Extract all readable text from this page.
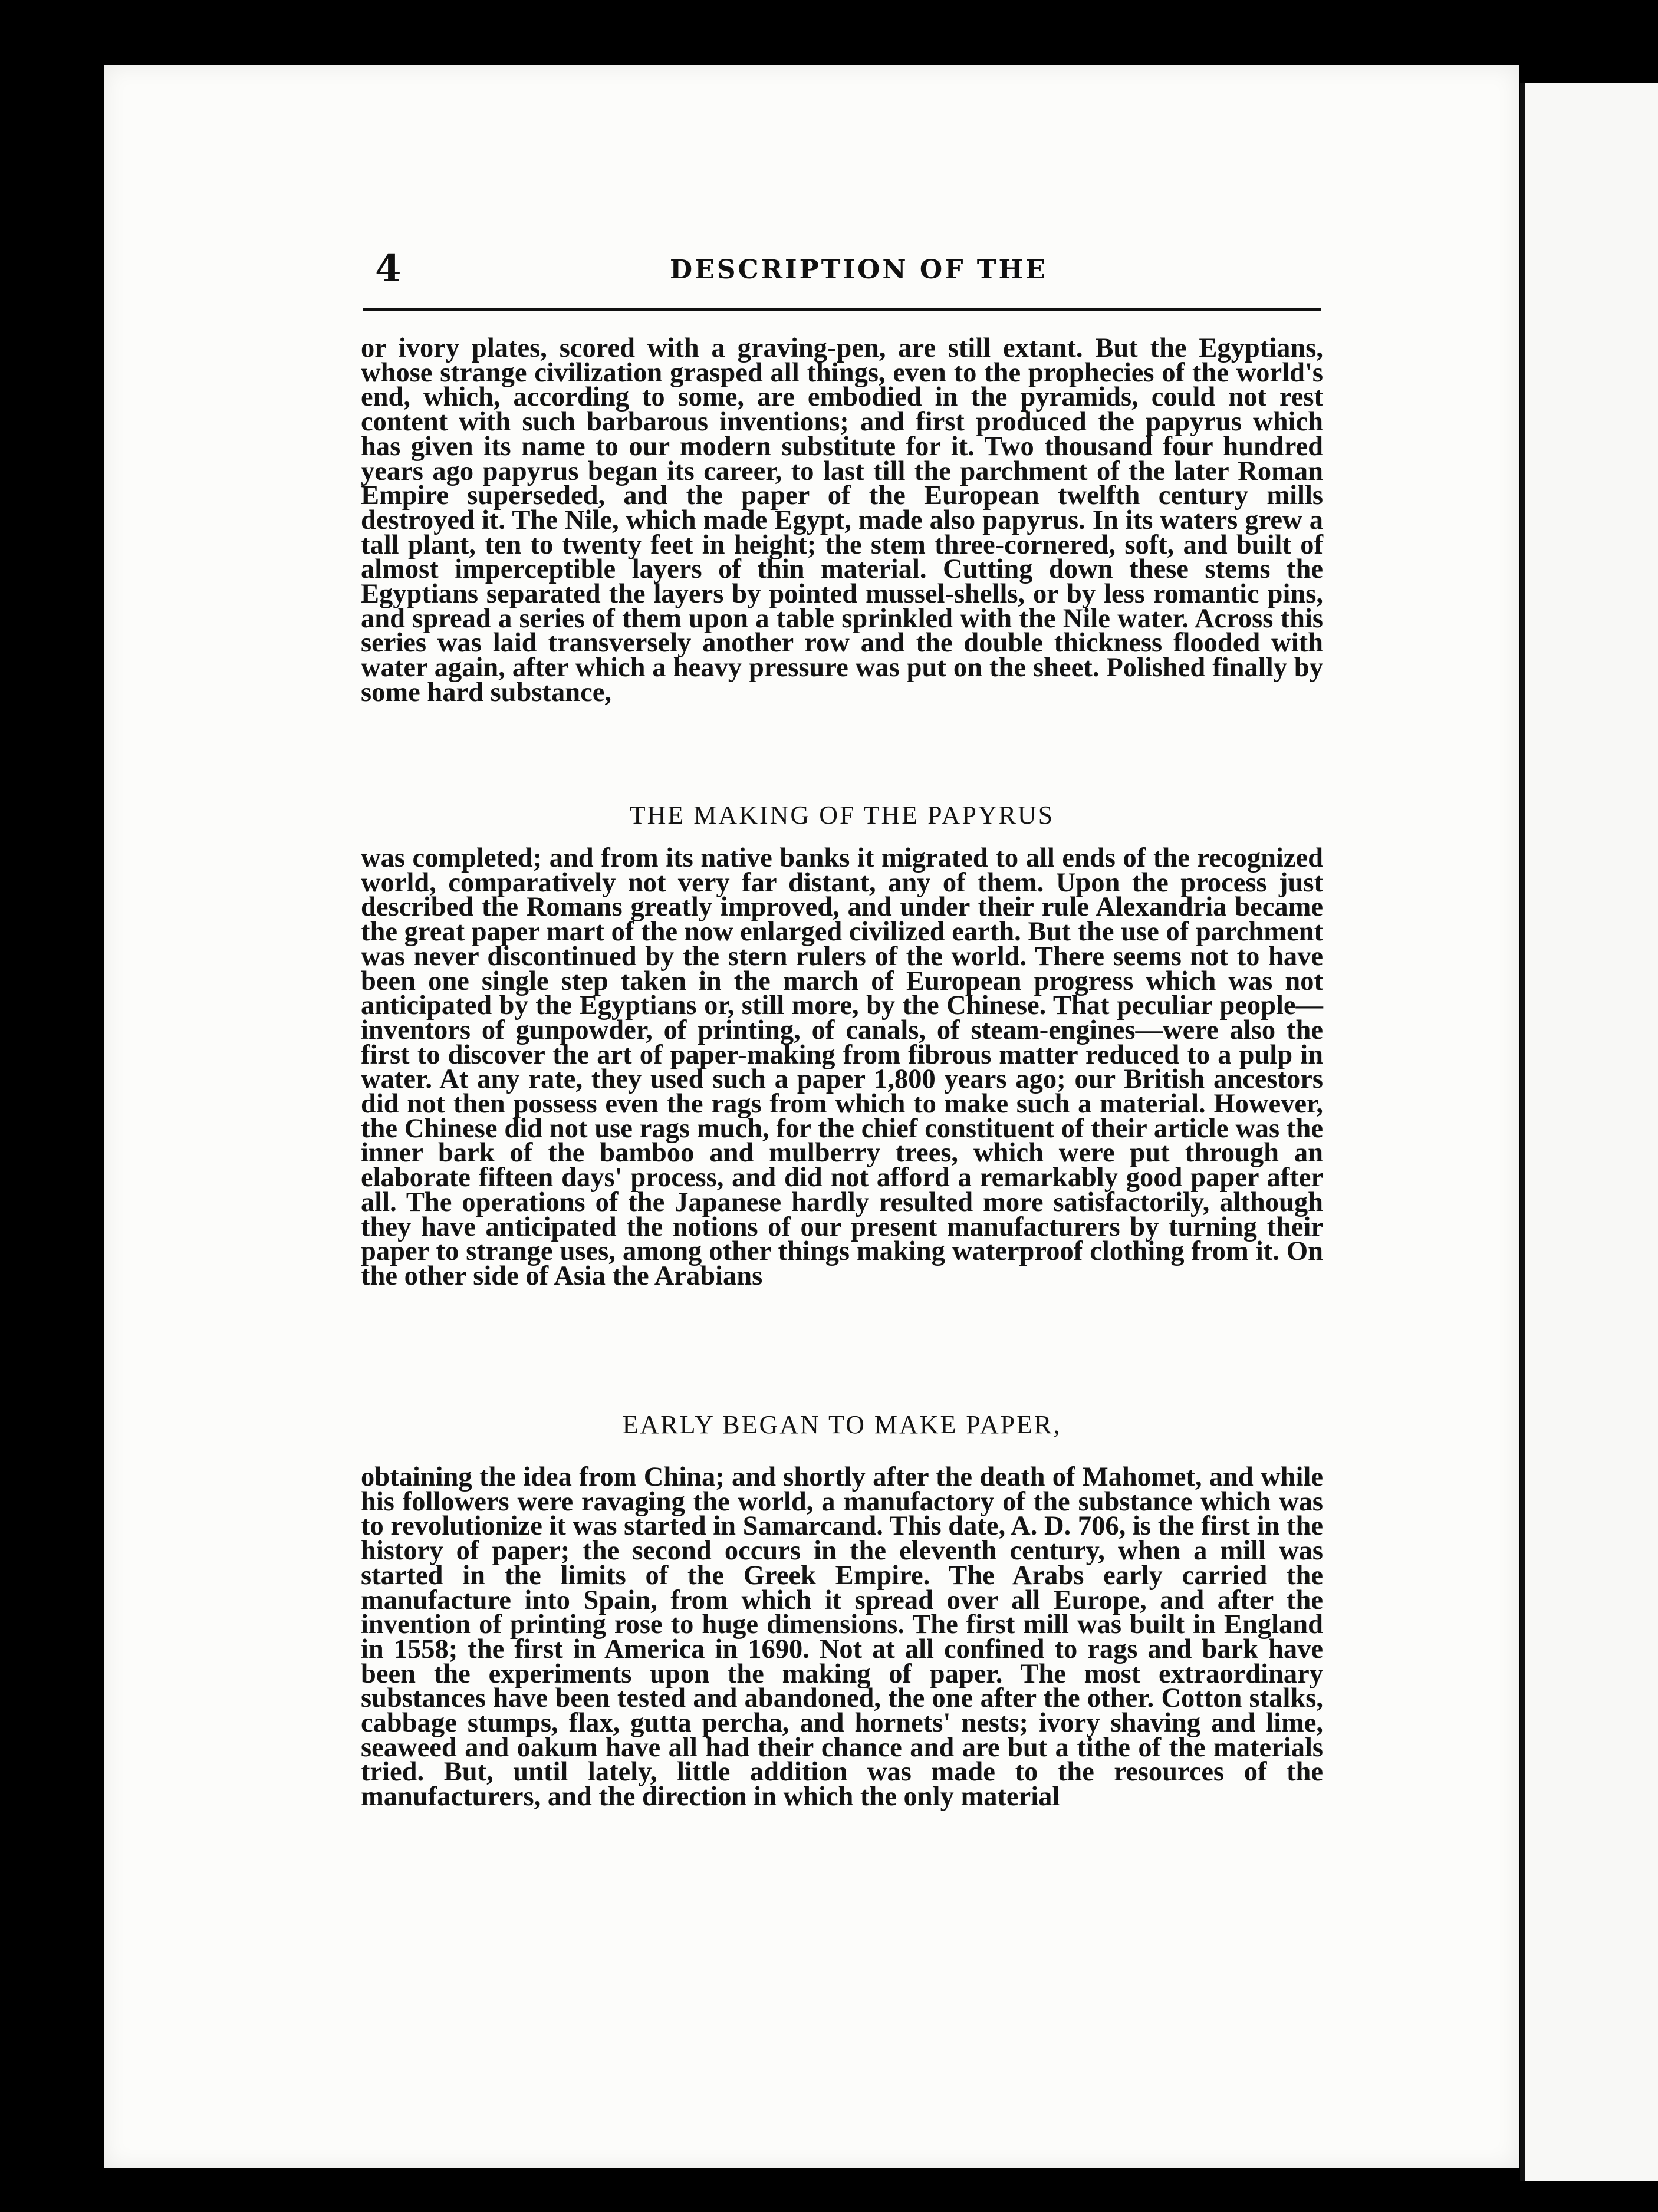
4	DESCRIPTION OF THE
or ivory plates, scored with a graving-pen, are still extant. But the Egyptians, whose strange civilization grasped all things, even to the prophecies of the world's end, which, according to some, are embodied in the pyramids, could not rest content with such barbarous inventions; and first produced the papyrus which has given its name to our modern substitute for it. Two thousand four hundred years ago papyrus began its career, to last till the parchment of the later Roman Empire superseded, and the paper of the European twelfth century mills destroyed it. The Nile, which made Egypt, made also papyrus. In its waters grew a tall plant, ten to twenty feet in height; the stem three-cornered, soft, and built of almost imperceptible layers of thin material. Cutting down these stems the Egyptians separated the layers by pointed mussel-shells, or by less romantic pins, and spread a series of them upon a table sprinkled with the Nile water. Across this series was laid transversely another row and the double thickness flooded with water again, after which a heavy pressure was put on the sheet. Polished finally by some hard substance,
THE MAKING OF THE PAPYRUS
was completed; and from its native banks it migrated to all ends of the recognized world, comparatively not very far distant, any of them. Upon the process just described the Romans greatly improved, and under their rule Alexandria became the great paper mart of the now enlarged civilized earth. But the use of parchment was never discontinued by the stern rulers of the world. There seems not to have been one single step taken in the march of European progress which was not anticipated by the Egyptians or, still more, by the Chinese. That peculiar people— inventors of gunpowder, of printing, of canals, of steam-engines—were also the first to discover the art of paper-making from fibrous matter reduced to a pulp in water. At any rate, they used such a paper 1,800 years ago; our British ancestors did not then possess even the rags from which to make such a material. However, the Chinese did not use rags much, for the chief constituent of their article was the inner bark of the bamboo and mulberry trees, which were put through an elaborate fifteen days' process, and did not afford a remarkably good paper after all. The operations of the Japanese hardly resulted more satisfactorily, although they have anticipated the notions of our present manufacturers by turning their paper to strange uses, among other things making waterproof clothing from it. On the other side of Asia the Arabians
EARLY BEGAN TO MAKE PAPER,
obtaining the idea from China; and shortly after the death of Mahomet, and while his followers were ravaging the world, a manufactory of the substance which was to revolutionize it was started in Samarcand. This date, A. D. 706, is the first in the history of paper; the second occurs in the eleventh century, when a mill was started in the limits of the Greek Empire. The Arabs early carried the manufacture into Spain, from which it spread over all Europe, and after the invention of printing rose to huge dimensions. The first mill was built in England in 1558; the first in America in 1690. Not at all confined to rags and bark have been the experiments upon the making of paper. The most extraordinary substances have been tested and abandoned, the one after the other. Cotton stalks, cabbage stumps, flax, gutta percha, and hornets' nests; ivory shaving and lime, seaweed and oakum have all had their chance and are but a tithe of the materials tried. But, until lately, little addition was made to the resources of the manufacturers, and the direction in which the only material
